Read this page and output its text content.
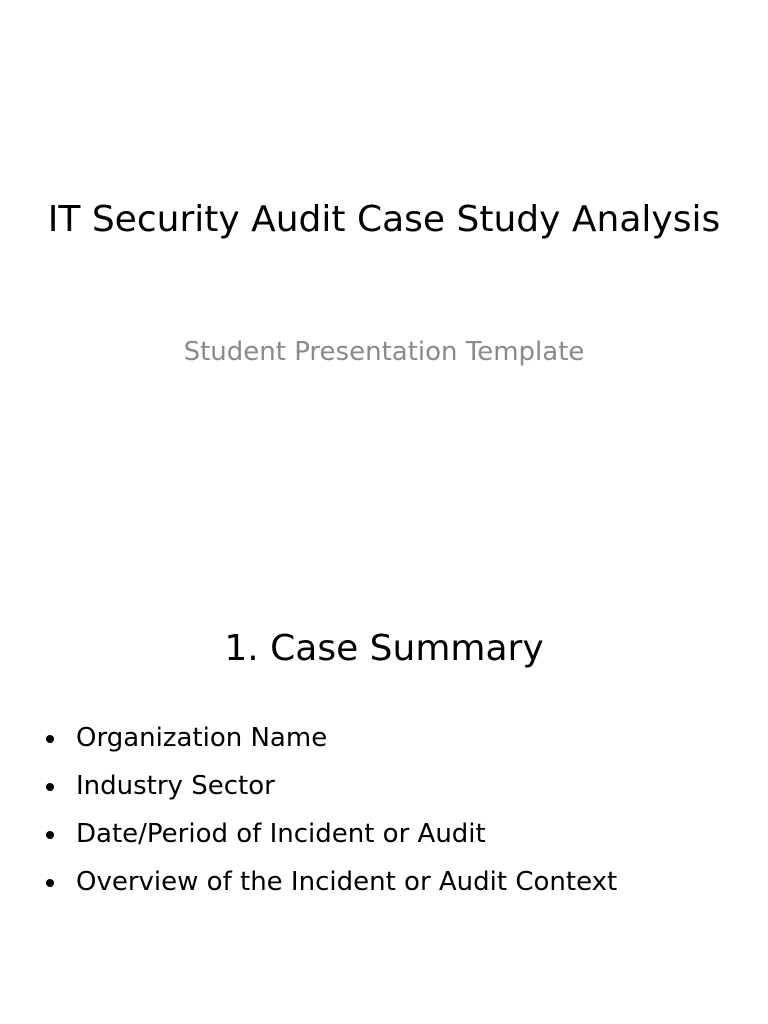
IT Security Audit Case Study Analysis

Student Presentation Template

1. Case Summary
Organization Name
Industry Sector
Date/Period of Incident or Audit
Overview of the Incident or Audit Context
